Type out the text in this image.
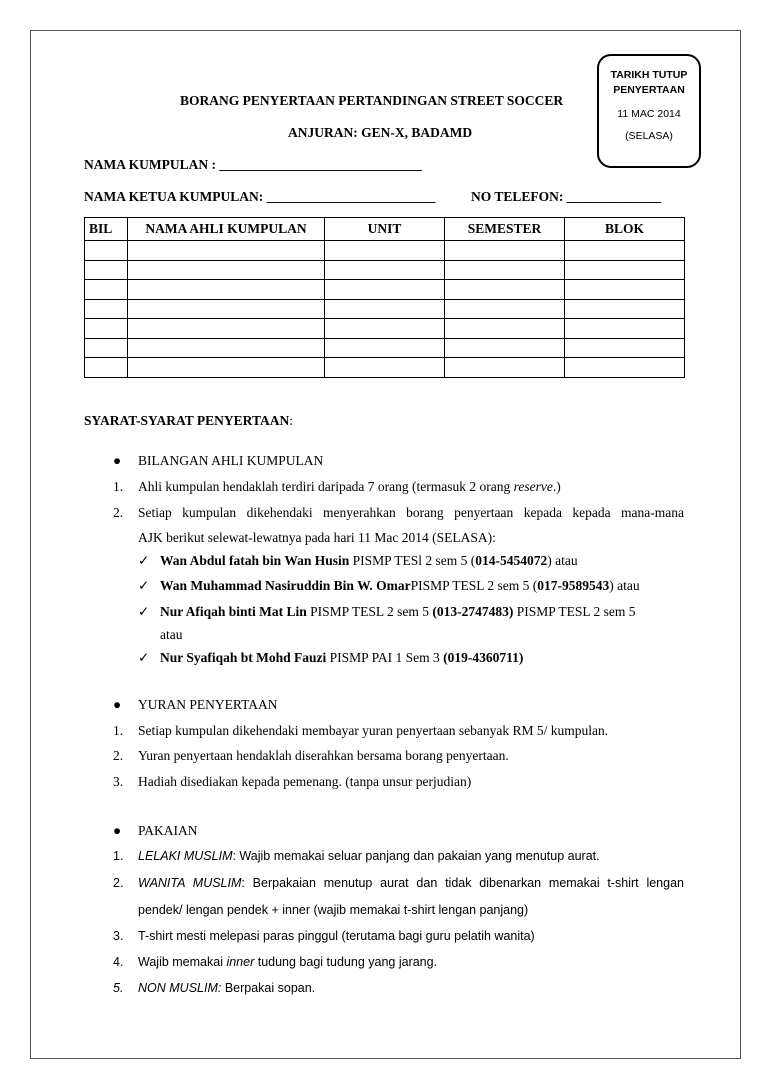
BORANG PENYERTAAN PERTANDINGAN STREET SOCCER
ANJURAN: GEN-X, BADAMD
TARIKH TUTUP
PENYERTAAN
11 MAC 2014
(SELASA)
NAMA KUMPULAN : ______________________________
NAMA KETUA KUMPULAN: _________________________	NO TELEFON: ______________
BIL	NAMA AHLI KUMPULAN	UNIT	SEMESTER	BLOK

SYARAT-SYARAT PENYERTAAN:
● BILANGAN AHLI KUMPULAN
1. Ahli kumpulan hendaklah terdiri daripada 7 orang (termasuk 2 orang reserve.)
2. Setiap kumpulan dikehendaki menyerahkan borang penyertaan kepada kepada mana-mana
AJK berikut selewat-lewatnya pada hari 11 Mac 2014 (SELASA):
✓ Wan Abdul fatah bin Wan Husin PISMP TESl 2 sem 5 (014-5454072) atau
✓ Wan Muhammad Nasiruddin Bin W. OmarPISMP TESL 2 sem 5 (017-9589543) atau
✓ Nur Afiqah binti Mat Lin PISMP TESL 2 sem 5 (013-2747483) PISMP TESL 2 sem 5
atau
✓ Nur Syafiqah bt Mohd Fauzi PISMP PAI 1 Sem 3 (019-4360711)
● YURAN PENYERTAAN
1. Setiap kumpulan dikehendaki membayar yuran penyertaan sebanyak RM 5/ kumpulan.
2. Yuran penyertaan hendaklah diserahkan bersama borang penyertaan.
3. Hadiah disediakan kepada pemenang. (tanpa unsur perjudian)
● PAKAIAN
1. LELAKI MUSLIM: Wajib memakai seluar panjang dan pakaian yang menutup aurat.
2. WANITA MUSLIM: Berpakaian menutup aurat dan tidak dibenarkan memakai t-shirt lengan
pendek/ lengan pendek + inner (wajib memakai t-shirt lengan panjang)
3. T-shirt mesti melepasi paras pinggul (terutama bagi guru pelatih wanita)
4. Wajib memakai inner tudung bagi tudung yang jarang.
5. NON MUSLIM: Berpakai sopan.
